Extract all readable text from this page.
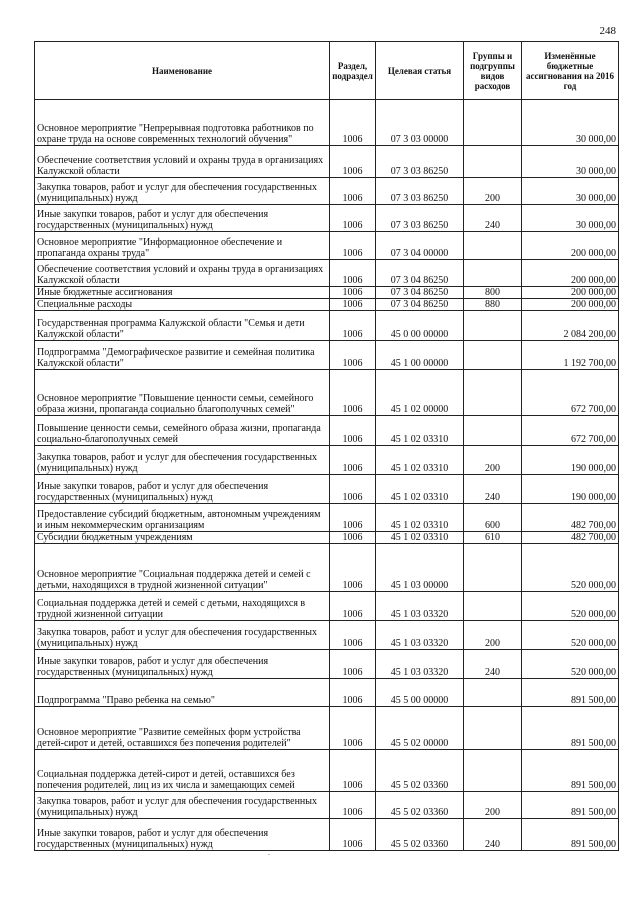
248
Наименование	Раздел, подраздел	Целевая статья	Группы и подгруппы видов расходов	Изменённые бюджетные ассигнования на 2016 год
Основное мероприятие "Непрерывная подготовка работников по охране труда на основе современных технологий обучения"	1006	07 3 03 00000		30 000,00
Обеспечение соответствия условий и охраны труда в организациях Калужской области	1006	07 3 03 86250		30 000,00
Закупка товаров, работ и услуг для обеспечения государственных (муниципальных) нужд	1006	07 3 03 86250	200	30 000,00
Иные закупки товаров, работ и услуг для обеспечения государственных (муниципальных) нужд	1006	07 3 03 86250	240	30 000,00
Основное мероприятие "Информационное обеспечение и пропаганда охраны труда"	1006	07 3 04 00000		200 000,00
Обеспечение соответствия условий и охраны труда в организациях Калужской области	1006	07 3 04 86250		200 000,00
Иные бюджетные ассигнования	1006	07 3 04 86250	800	200 000,00
Специальные расходы	1006	07 3 04 86250	880	200 000,00
Государственная программа Калужской области "Семья и дети Калужской области"	1006	45 0 00 00000		2 084 200,00
Подпрограмма "Демографическое развитие и семейная политика Калужской области"	1006	45 1 00 00000		1 192 700,00
Основное мероприятие "Повышение ценности семьи, семейного образа жизни, пропаганда социально благополучных семей"	1006	45 1 02 00000		672 700,00
Повышение ценности семьи, семейного образа жизни, пропаганда социально-благополучных семей	1006	45 1 02 03310		672 700,00
Закупка товаров, работ и услуг для обеспечения государственных (муниципальных) нужд	1006	45 1 02 03310	200	190 000,00
Иные закупки товаров, работ и услуг для обеспечения государственных (муниципальных) нужд	1006	45 1 02 03310	240	190 000,00
Предоставление субсидий бюджетным, автономным учреждениям и иным некоммерческим организациям	1006	45 1 02 03310	600	482 700,00
Субсидии бюджетным учреждениям	1006	45 1 02 03310	610	482 700,00
Основное мероприятие "Социальная поддержка детей и семей с детьми, находящихся в трудной жизненной ситуации"	1006	45 1 03 00000		520 000,00
Социальная поддержка детей и семей с детьми, находящихся в трудной жизненной ситуации	1006	45 1 03 03320		520 000,00
Закупка товаров, работ и услуг для обеспечения государственных (муниципальных) нужд	1006	45 1 03 03320	200	520 000,00
Иные закупки товаров, работ и услуг для обеспечения государственных (муниципальных) нужд	1006	45 1 03 03320	240	520 000,00
Подпрограмма "Право ребенка на семью"	1006	45 5 00 00000		891 500,00
Основное мероприятие "Развитие семейных форм устройства детей-сирот и детей, оставшихся без попечения родителей"	1006	45 5 02 00000		891 500,00
Социальная поддержка детей-сирот и детей, оставшихся без попечения родителей, лиц из их числа и замещающих семей	1006	45 5 02 03360		891 500,00
Закупка товаров, работ и услуг для обеспечения государственных (муниципальных) нужд	1006	45 5 02 03360	200	891 500,00
Иные закупки товаров, работ и услуг для обеспечения государственных (муниципальных) нужд	1006	45 5 02 03360	240	891 500,00
.
